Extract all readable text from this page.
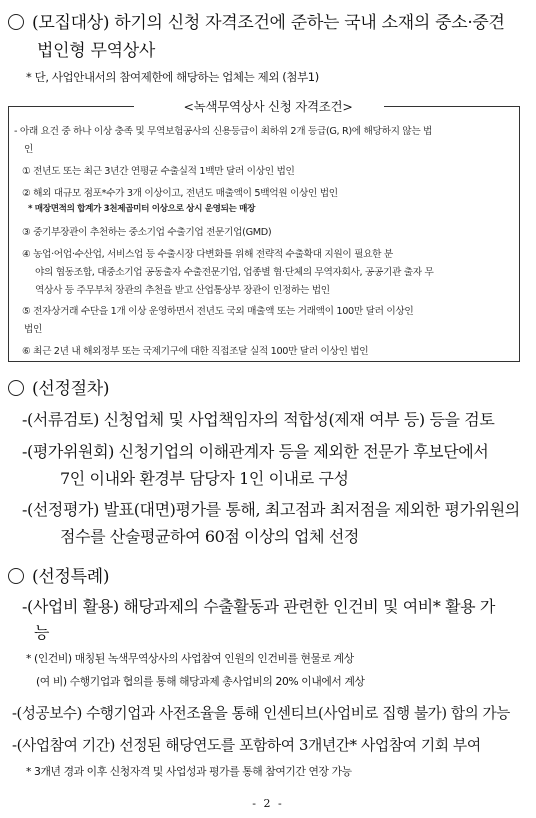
(모집대상) 하기의 신청 자격조건에 준하는 국내 소재의 중소·중견
법인형 무역상사
* 단, 사업안내서의 참여제한에 해당하는 업체는 제외 (첨부1)
<녹색무역상사 신청 자격조건>
- 아래 요건 중 하나 이상 충족 및 무역보험공사의 신용등급이 최하위 2개 등급(G, R)에 해당하지 않는 법
인
① 전년도 또는 최근 3년간 연평균 수출실적 1백만 달러 이상인 법인
② 해외 대규모 점포*수가 3개 이상이고, 전년도 매출액이 5백억원 이상인 법인
* 매장면적의 합계가 3천제곱미터 이상으로 상시 운영되는 매장
③ 중기부장관이 추천하는 중소기업 수출기업 전문기업(GMD)
④ 농업·어업·수산업, 서비스업 등 수출시장 다변화를 위해 전략적 수출확대 지원이 필요한 분
야의 협동조합, 대중소기업 공동출자 수출전문기업, 업종별 협·단체의 무역자회사, 공공기관 출자 무
역상사 등 주무부처 장관의 추천을 받고 산업통상부 장관이 인정하는 법인
⑤ 전자상거래 수단을 1개 이상 운영하면서 전년도 국외 매출액 또는 거래액이 100만 달러 이상인
법인
⑥ 최근 2년 내 해외정부 또는 국제기구에 대한 직접조달 실적 100만 달러 이상인 법인
(선정절차)
-(서류검토) 신청업체 및 사업책임자의 적합성(제재 여부 등) 등을 검토
-(평가위원회) 신청기업의 이해관계자 등을 제외한 전문가 후보단에서
7인 이내와 환경부 담당자 1인 이내로 구성
-(선정평가) 발표(대면)평가를 통해, 최고점과 최저점을 제외한 평가위원의
점수를 산술평균하여 60점 이상의 업체 선정
(선정특례)
-(사업비 활용) 해당과제의 수출활동과 관련한 인건비 및 여비* 활용 가
능
* (인건비) 매칭된 녹색무역상사의 사업참여 인원의 인건비를 현물로 계상
(여 비) 수행기업과 협의를 통해 해당과제 총사업비의 20% 이내에서 계상
-(성공보수) 수행기업과 사전조율을 통해 인센티브(사업비로 집행 불가) 합의 가능
-(사업참여 기간) 선정된 해당연도를 포함하여 3개년간* 사업참여 기회 부여
* 3개년 경과 이후 신청자격 및 사업성과 평가를 통해 참여기간 연장 가능
- 2 -
